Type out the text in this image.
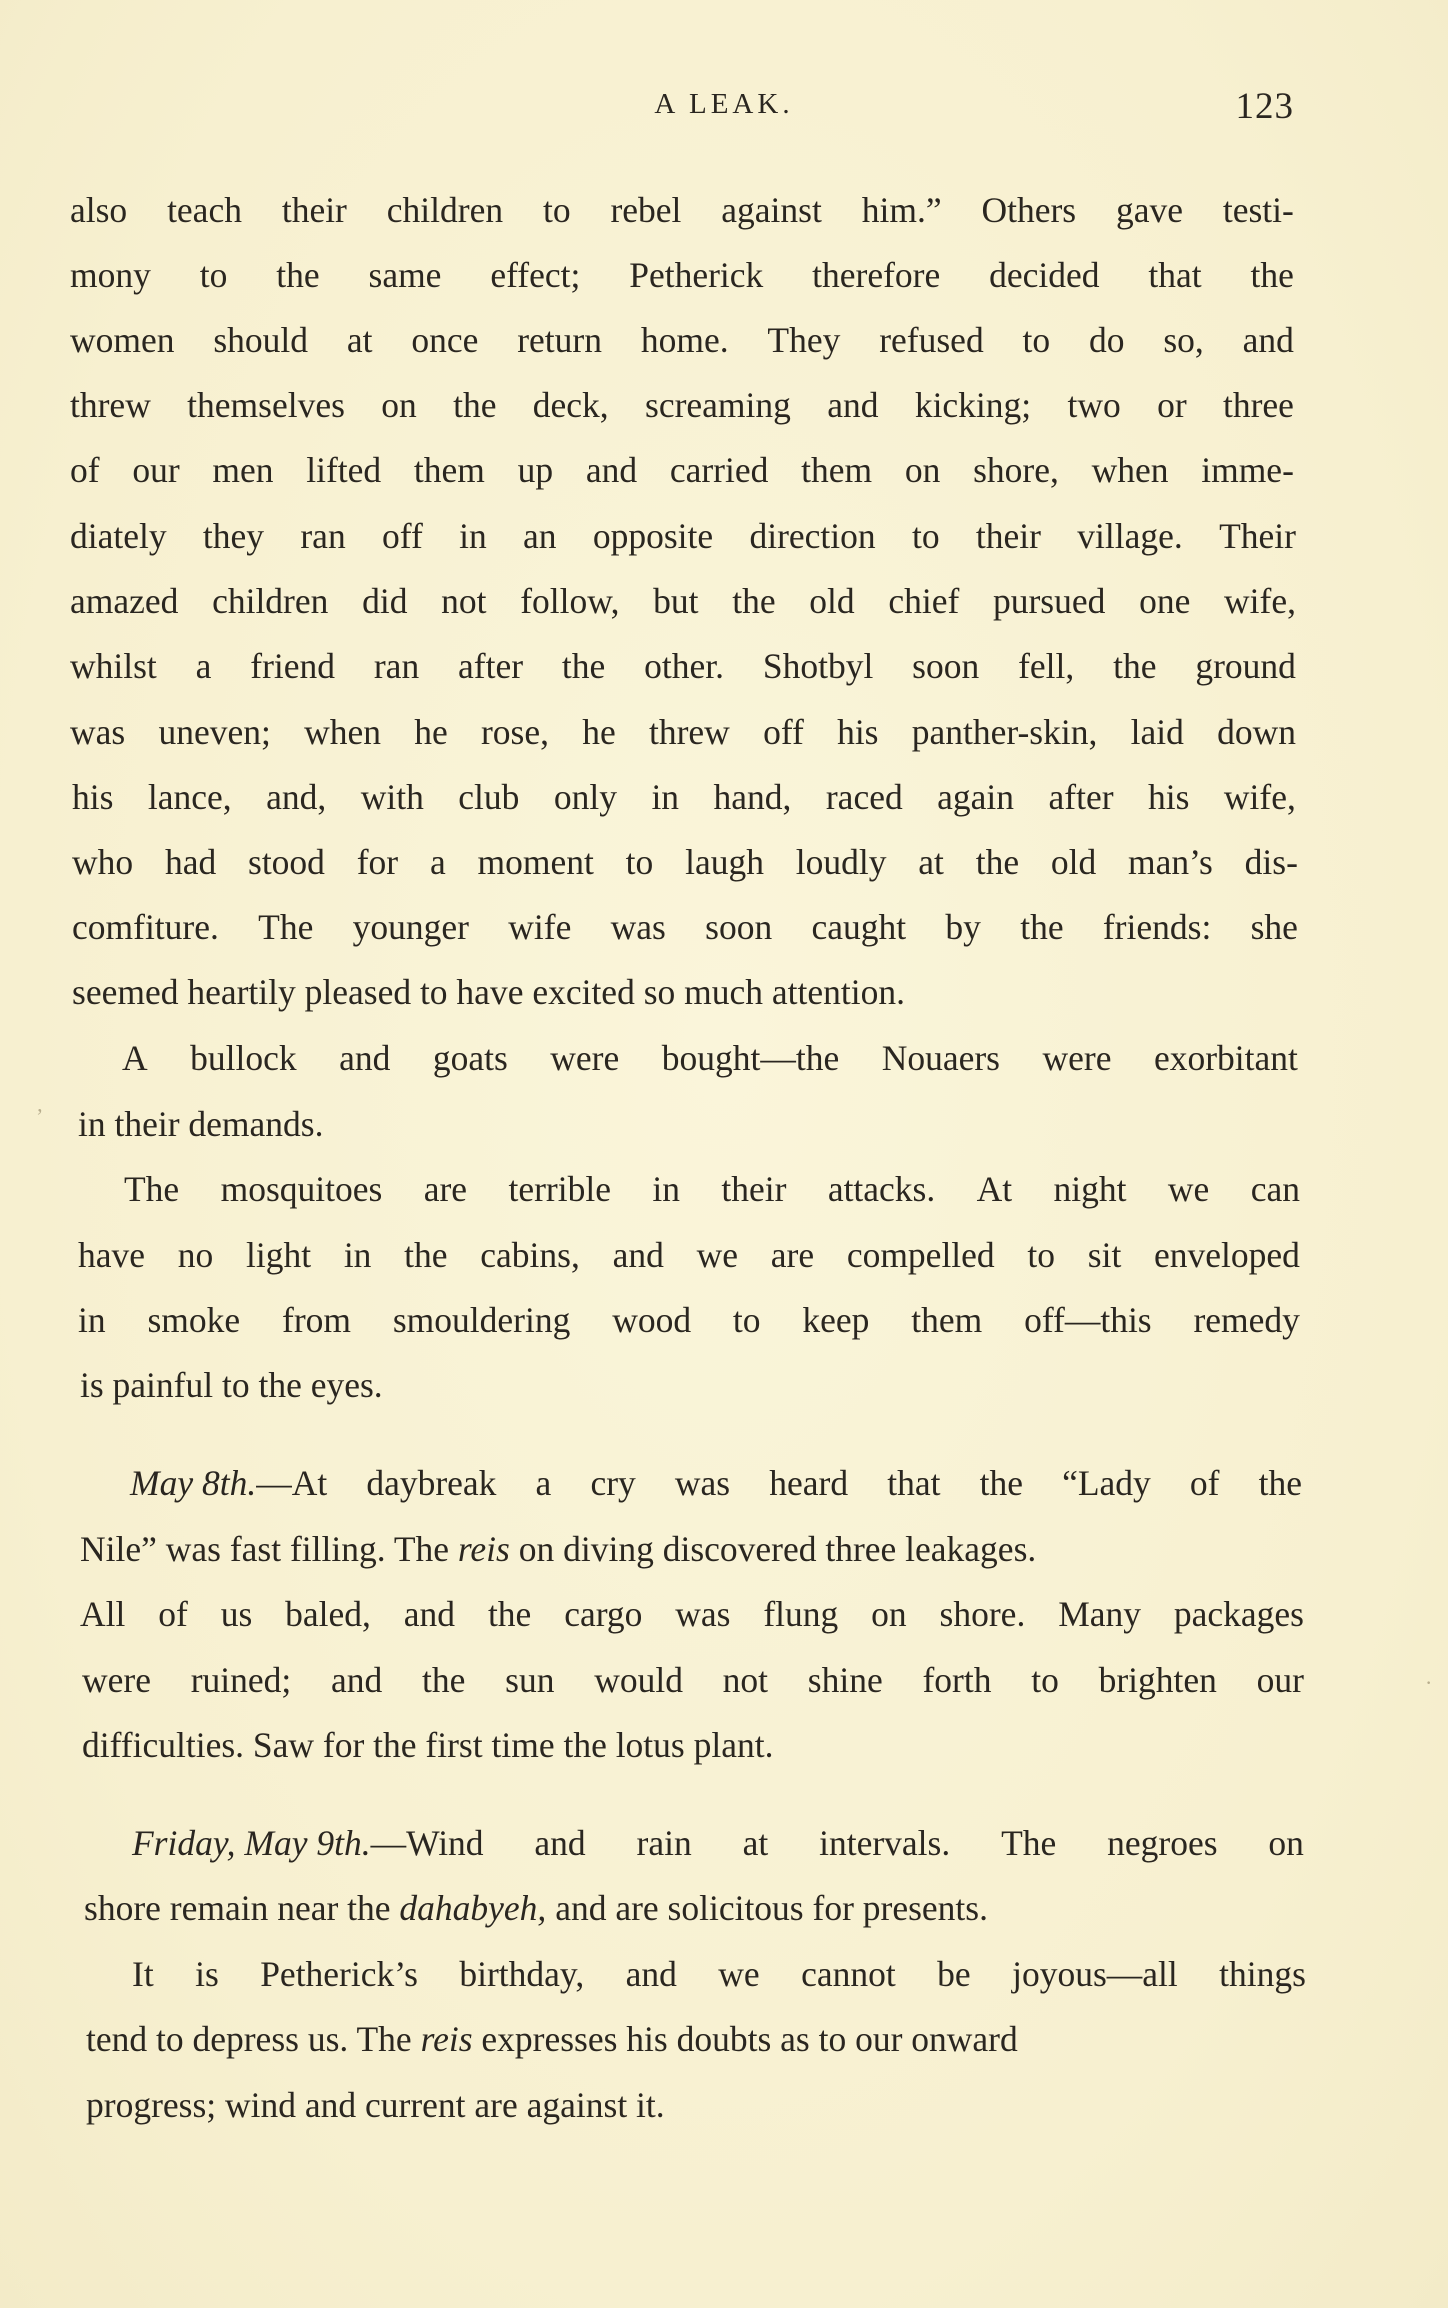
A LEAK.	123
also teach their children to rebel against him.” Others gave testi-
mony to the same effect; Petherick therefore decided that the
women should at once return home. They refused to do so, and
threw themselves on the deck, screaming and kicking; two or three
of our men lifted them up and carried them on shore, when imme-
diately they ran off in an opposite direction to their village. Their
amazed children did not follow, but the old chief pursued one wife,
whilst a friend ran after the other. Shotbyl soon fell, the ground
was uneven; when he rose, he threw off his panther-skin, laid down
his lance, and, with club only in hand, raced again after his wife,
who had stood for a moment to laugh loudly at the old man’s dis-
comfiture. The younger wife was soon caught by the friends: she
seemed heartily pleased to have excited so much attention.
A bullock and goats were bought—the Nouaers were exorbitant
in their demands.
The mosquitoes are terrible in their attacks. At night we can
have no light in the cabins, and we are compelled to sit enveloped
in smoke from smouldering wood to keep them off—this remedy
is painful to the eyes.
May 8th. —At daybreak a cry was heard that the “Lady of the
Nile” was fast filling. The reis on diving discovered three leakages.
All of us baled, and the cargo was flung on shore. Many packages
were ruined; and the sun would not shine forth to brighten our
difficulties. Saw for the first time the lotus plant.
Friday, May 9th. —Wind and rain at intervals. The negroes on
shore remain near the dahabyeh, and are solicitous for presents.
It is Petherick’s birthday, and we cannot be joyous—all things
tend to depress us. The reis expresses his doubts as to our onward
progress; wind and current are against it.
ʼ
·
